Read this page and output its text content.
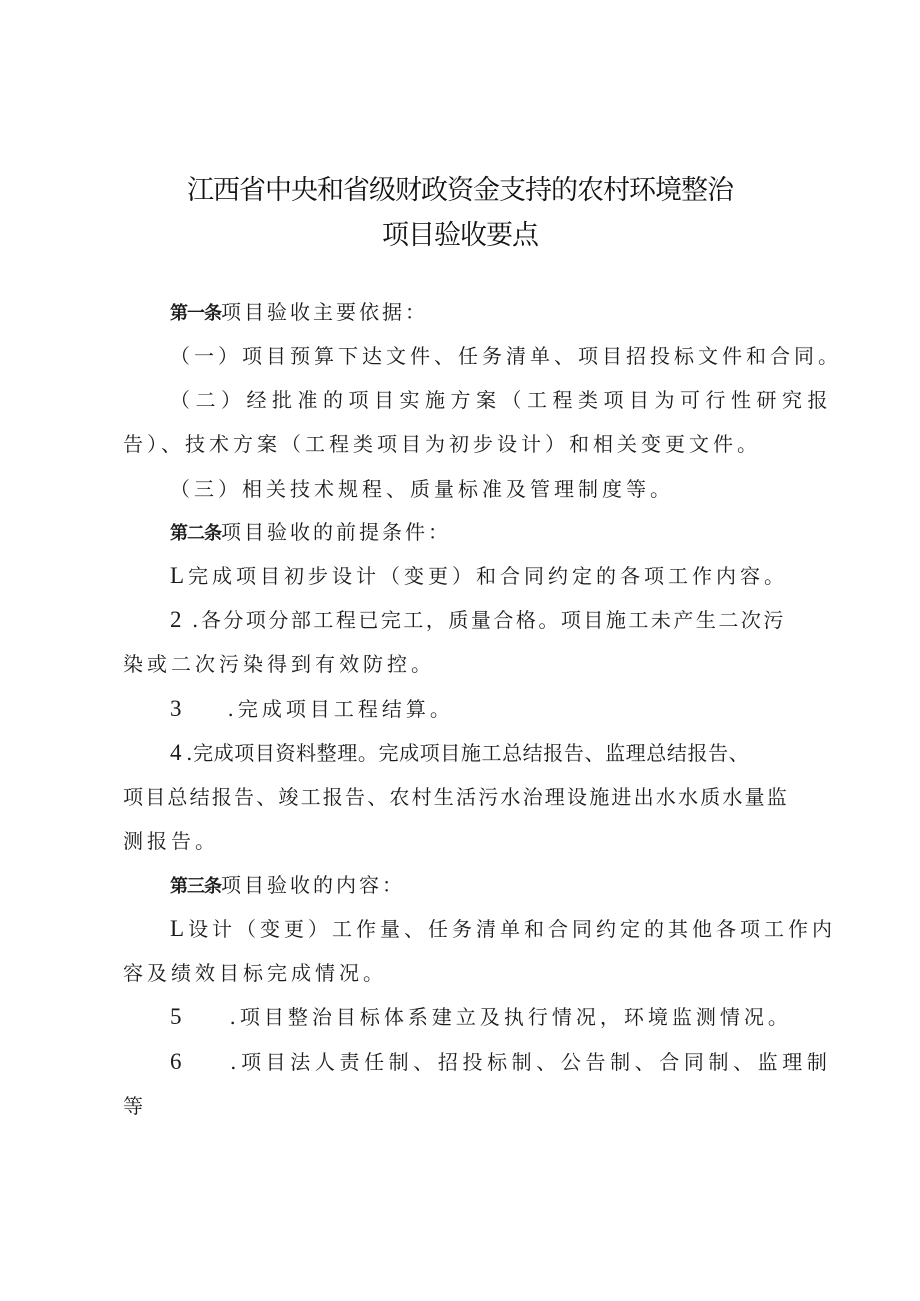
江西省中央和省级财政资金支持的农村环境整治
项目验收要点
第一条项目验收主要依据：
（一）项目预算下达文件、任务清单、项目招投标文件和合同。
（二）经批准的项目实施方案（工程类项目为可行性研究报
告）、技术方案（工程类项目为初步设计）和相关变更文件。
（三）相关技术规程、质量标准及管理制度等。
第二条项目验收的前提条件：
L完成项目初步设计（变更）和合同约定的各项工作内容。
2 .各分项分部工程已完工，质量合格。项目施工未产生二次污
染或二次污染得到有效防控。
3 .完成项目工程结算。
4 .完成项目资料整理。完成项目施工总结报告、监理总结报告、
项目总结报告、竣工报告、农村生活污水治理设施进出水水质水量监
测报告。
第三条项目验收的内容：
L设计（变更）工作量、任务清单和合同约定的其他各项工作内
容及绩效目标完成情况。
5 .项目整治目标体系建立及执行情况，环境监测情况。
6 .项目法人责任制、招投标制、公告制、合同制、监理制
等
